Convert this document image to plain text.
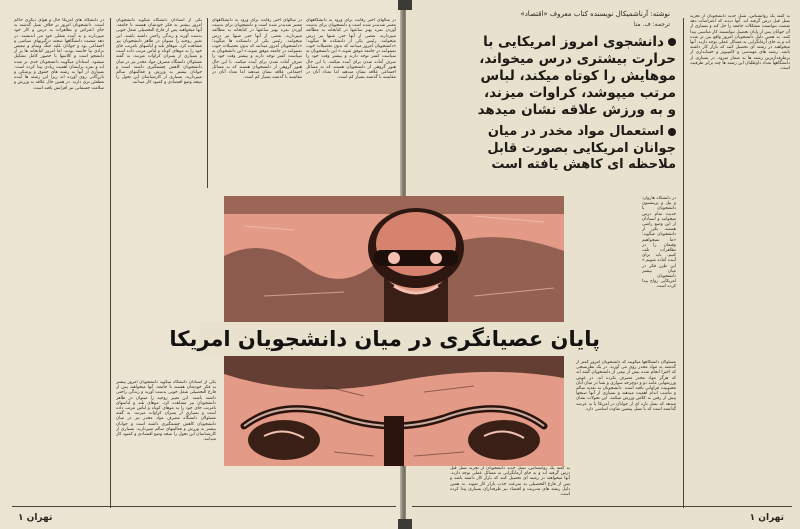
در دانشگاه های امریکا حال و هوای دیگری حاکم است. دانشجویان امروز بر خلاف نسل گذشته به جای اعتراض و تظاهرات به درس و کار خود میپردازند و به آینده شغلی خود می اندیشند. در دهه شصت دانشگاهها صحنه درگیریهای سیاسی و اجتماعی بود و جوانان علیه جنگ ویتنام و تبعیض نژادی بپا خاسته بودند. اما امروز کتابخانه ها پر از دانشجو است و کلاسها با حضور کامل تشکیل میشود. استادان میگویند دانشجویان جدی تر شده اند و نمره برایشان اهمیت زیادی پیدا کرده است. بسیاری از آنها به رشته های حقوق و پزشکی و بازرگانی روی آورده اند زیرا این رشته ها آینده مطمئن تری دارند. در همین حال علاقه به ورزش و سلامت جسمانی نیز افزایش یافته است.
یکی از استادان دانشگاه میگوید دانشجویان امروز بیشتر به فکر خودشان هستند تا جامعه. آنها میخواهند پس از فارغ التحصیلی شغل خوبی بدست آورند و زندگی راحتی داشته باشند. این تغییر روحیه را میتوان در ظاهر دانشجویان نیز مشاهده کرد. موهای بلند و لباسهای نامرتب جای خود را به موهای کوتاه و لباس مرتب داده است و بسیاری از پسران کراوات میزنند. به گفته مسئولان دانشگاه مصرف مواد مخدر نیز در میان دانشجویان کاهش چشمگیری داشته است و جوانان بیشتر به ورزش و فعالیتهای سالم میپردازند. بسیاری از کارشناسان این تحول را نتیجه وضع اقتصادی و کمبود کار میدانند.
در سالهای اخیر رقابت برای ورود به دانشگاههای معتبر شدیدتر شده است و دانشجویان برای بدست آوردن نمره بهتر ساعتها در کتابخانه به مطالعه میپردازند. بعضی از آنها حتی شبها نیز درس میخوانند. رئیس یکی از دانشکده ها میگوید: «دانشجویان امروز میدانند که بدون تحصیلات خوب نمیتوانند در جامعه موفق شوند.» این دانشجویان به سیاست کمتر توجه دارند و بیشتر وقت خود را صرف آماده شدن برای آینده میکنند. با این حال هنوز گروهی از دانشجویان هستند که به مسائل اجتماعی علاقه نشان میدهند اما تعداد آنان در مقایسه با گذشته بسیار کم است.
در سالهای اخیر رقابت برای ورود به دانشگاههای معتبر شدیدتر شده است و دانشجویان برای بدست آوردن نمره بهتر ساعتها در کتابخانه به مطالعه میپردازند. بعضی از آنها حتی شبها نیز درس میخوانند. رئیس یکی از دانشکده ها میگوید: «دانشجویان امروز میدانند که بدون تحصیلات خوب نمیتوانند در جامعه موفق شوند.» این دانشجویان به سیاست کمتر توجه دارند و بیشتر وقت خود را صرف آماده شدن برای آینده میکنند. با این حال هنوز گروهی از دانشجویان هستند که به مسائل اجتماعی علاقه نشان میدهند اما تعداد آنان در مقایسه با گذشته بسیار کم است.
یکی از استادان دانشگاه میگوید دانشجویان امروز بیشتر به فکر خودشان هستند تا جامعه. آنها میخواهند پس از فارغ التحصیلی شغل خوبی بدست آورند و زندگی راحتی داشته باشند. این تغییر روحیه را میتوان در ظاهر دانشجویان نیز مشاهده کرد. موهای بلند و لباسهای نامرتب جای خود را به موهای کوتاه و لباس مرتب داده است و بسیاری از پسران کراوات میزنند. به گفته مسئولان دانشگاه مصرف مواد مخدر نیز در میان دانشجویان کاهش چشمگیری داشته است و جوانان بیشتر به ورزش و فعالیتهای سالم میپردازند. بسیاری از کارشناسان این تحول را نتیجه وضع اقتصادی و کمبود کار میدانند.
تهران ۱
نوشته: آرناشمیکال نویسنده کتاب معروف «اقتصاد»
ترجمه: ف. منا
دانشجوی امروز امریکایی با
حرارت بیشتری درس میخواند،
موهایش را کوتاه میکند، لباس
مرتب میپوشد، کراوات میزند،
و به ورزش علاقه نشان میدهد
استعمال مواد مخدر در میان
جوانان امریکایی بصورت قابل
ملاحظه ای کاهش یافته است
به گفته یک روانشناس، نسل جدید دانشجویان از تجربه نسل قبل درس گرفته اند. آنها دیدند که اعتراضات دهه شصت نتوانست مشکلات جامعه را حل کند و بسیاری از آن جوانان پس از پایان تحصیل نتوانستند کار مناسبی پیدا کنند. به همین دلیل دانشجویان امروز واقع بین تر شده اند و به جای آرمانگرایی به مسائل عملی توجه دارند. آنها میخواهند در رشته ای تحصیل کنند که بازار کار داشته باشد. رشته های مهندسی و کامپیوتر و حسابداری از پرطرفدارترین رشته ها به شمار میرود. در بسیاری از دانشگاهها تعداد داوطلبان این رشته ها چند برابر ظرفیت است.
مسئولان دانشگاهها میگویند که دانشجویان امروز کمتر از گذشته به مواد مخدر روی می آورند. در یک نظرسنجی که اخیرا انجام شده بیش از نیمی از دانشجویان گفته اند که هرگز مواد مخدر مصرف نکرده اند. در عوض ورزشهایی مانند دو و دوچرخه سواری و شنا در میان آنان محبوبیت فراوانی یافته است. دانشجویان به تغذیه سالم و تناسب اندام اهمیت میدهند و بسیاری از آنها صبحها پیش از رفتن به کلاس ورزش میکنند. این تحولات نشان میدهد که نسل تازه ای از جوانان در امریکا پا به عرصه گذاشته است که با نسل پیشین تفاوت اساسی دارد.
در دانشگاه هاروارد و ییل و پرینستون دانشجویان با جدیت تمام درس میخوانند و استادان از این وضع راضی هستند. یکی از دانشجویان میگوید: «ما نمیخواهیم وقتمان را در تظاهرات تلف کنیم، باید برای آینده آماده شویم.» این طرز فکر در میان بیشتر دانشجویان امریکایی رواج پیدا کرده است.
به گفته یک روانشناس، نسل جدید دانشجویان از تجربه نسل قبل درس گرفته اند و به جای آرمانگرایی به مسائل عملی توجه دارند. آنها میخواهند در رشته ای تحصیل کنند که بازار کار داشته باشد و پس از فارغ التحصیلی به سرعت جذب بازار کار شوند. به همین دلیل رشته های مدیریت و اقتصاد نیز طرفداران بسیاری پیدا کرده است.
تهران ۱
پایان عصیانگری در میان دانشجویان امریکا
